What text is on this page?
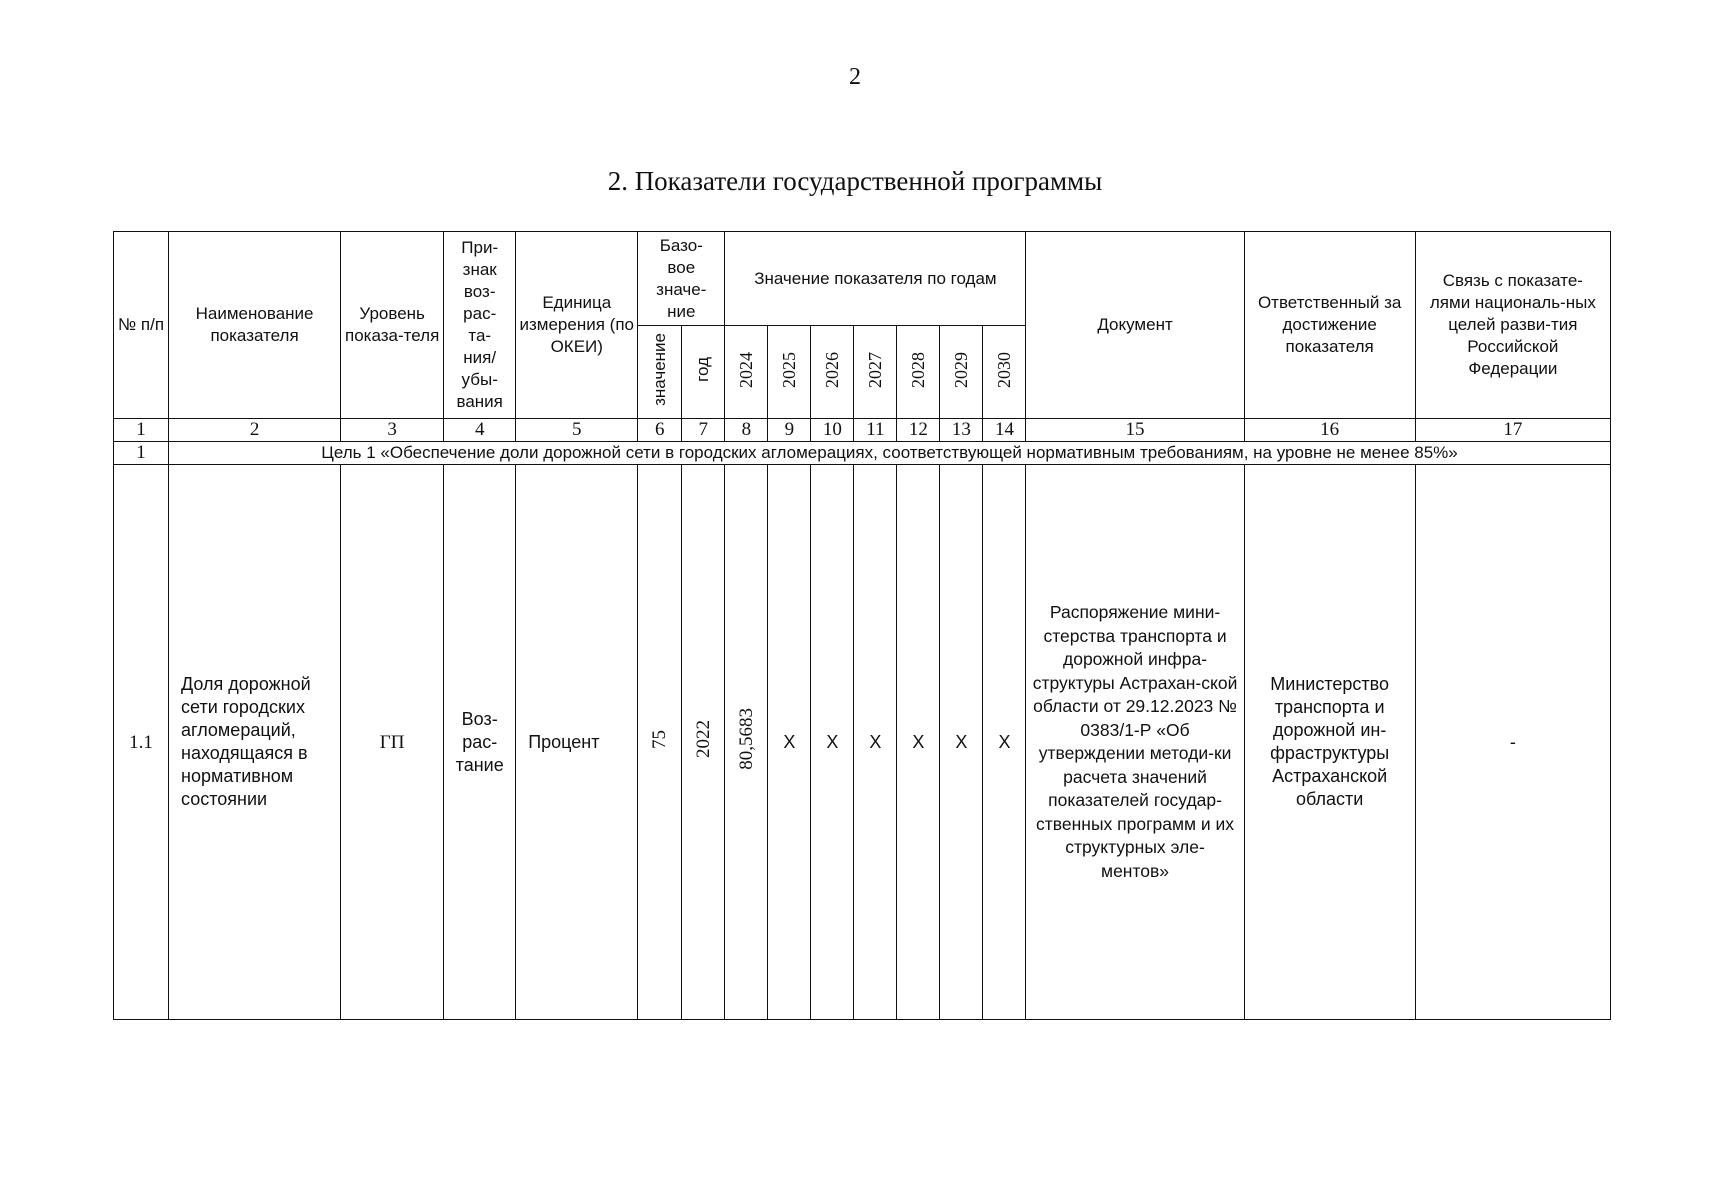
2
2. Показатели государственной программы
№ п/п	Наименование показателя	Уровень показа-теля	При-знак воз-рас-та-ния/ убы-вания	Единица измерения (по ОКЕИ)	Базо-вое значе-ние		Значение показателя по годам							Документ	Ответственный за достижение показателя	Связь с показате-лями националь-ных целей разви-тия Российской Федерации
					значение	год	2024	2025	2026	2027	2028	2029	2030			
1	2	3	4	5	6	7	8	9	10	11	12	13	14	15	16	17
1	Цель 1 «Обеспечение доли дорожной сети в городских агломерациях, соответствующей нормативным требованиям, на уровне не менее 85%»															
1.1	Доля дорожной сети городских агломераций, находящаяся в нормативном состоянии	ГП	Воз-рас-тание	Процент	75	2022	80,5683	X	X	X	X	X	X	Распоряжение мини-стерства транспорта и дорожной инфра-структуры Астрахан-ской области от 29.12.2023 № 0383/1-Р «Об утверждении методи-ки расчета значений показателей государ-ственных программ и их структурных эле-ментов»	Министерство транспорта и дорожной ин-фраструктуры Астраханской области	-
